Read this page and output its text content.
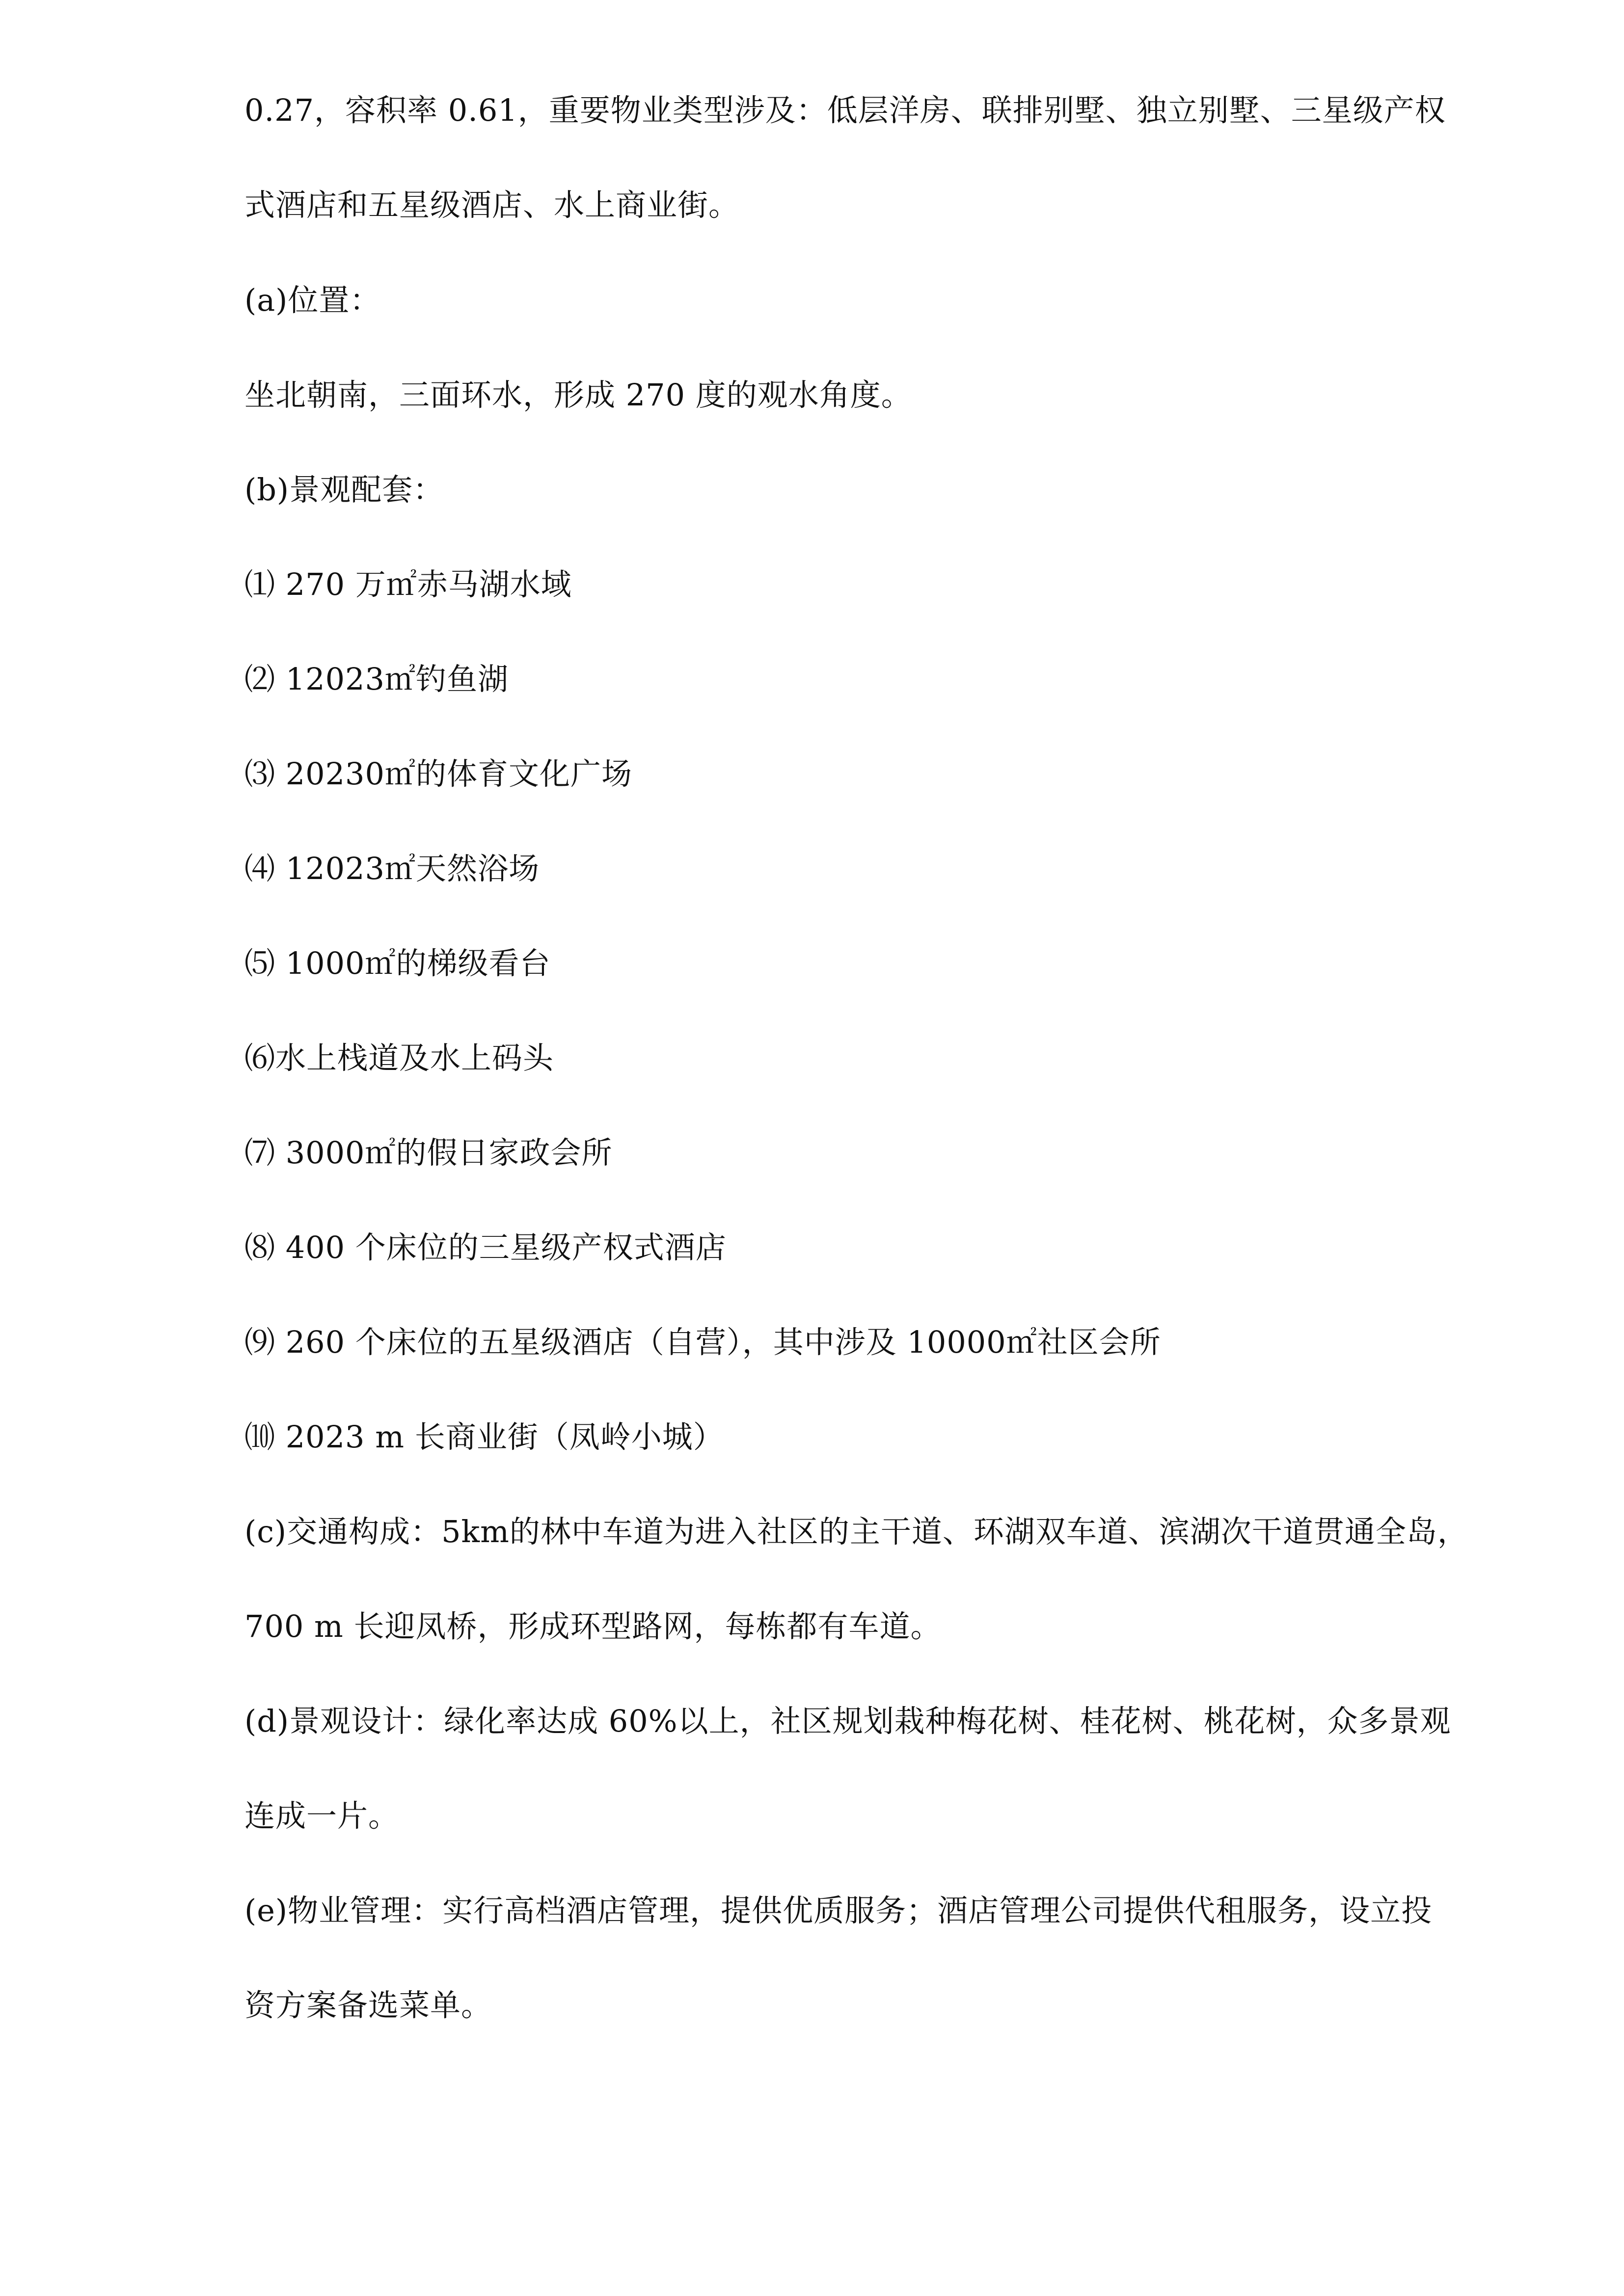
0.27，容积率 0.61，重要物业类型涉及：低层洋房、联排别墅、独立别墅、三星级产权
式酒店和五星级酒店、水上商业街。
(a)位置：
坐北朝南，三面环水，形成 270 度的观水角度。
(b)景观配套：
⑴ 270 万㎡赤马湖水域
⑵ 12023㎡钓鱼湖
⑶ 20230㎡的体育文化广场
⑷ 12023㎡天然浴场
⑸ 1000㎡的梯级看台
⑹水上栈道及水上码头
⑺ 3000㎡的假日家政会所
⑻ 400 个床位的三星级产权式酒店
⑼ 260 个床位的五星级酒店（自营），其中涉及 10000㎡社区会所
⑽ 2023 m 长商业街（凤岭小城）
(c)交通构成：5km的林中车道为进入社区的主干道、环湖双车道、滨湖次干道贯通全岛，
700 m 长迎凤桥，形成环型路网，每栋都有车道。
(d)景观设计：绿化率达成 60%以上，社区规划栽种梅花树、桂花树、桃花树，众多景观
连成一片。
(e)物业管理：实行高档酒店管理，提供优质服务；酒店管理公司提供代租服务，设立投
资方案备选菜单。
